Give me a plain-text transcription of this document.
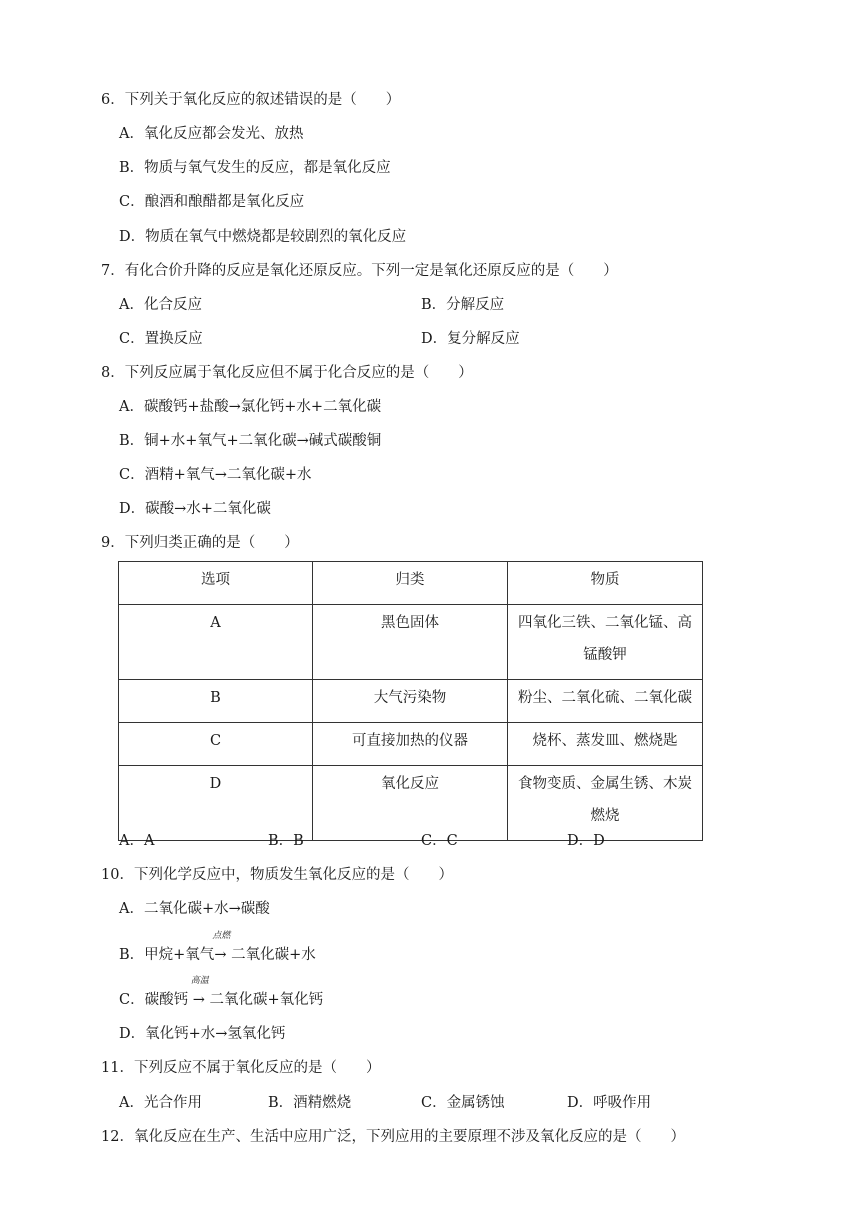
6．下列关于氧化反应的叙述错误的是（　　）
A．氧化反应都会发光、放热
B．物质与氧气发生的反应，都是氧化反应
C．酿酒和酿醋都是氧化反应
D．物质在氧气中燃烧都是较剧烈的氧化反应
7．有化合价升降的反应是氧化还原反应。下列一定是氧化还原反应的是（　　）
A．化合反应	B．分解反应
C．置换反应	D．复分解反应
8．下列反应属于氧化反应但不属于化合反应的是（　　）
A．碳酸钙+盐酸→氯化钙+水+二氧化碳
B．铜+水+氧气+二氧化碳→碱式碳酸铜
C．酒精+氧气→二氧化碳+水
D．碳酸→水+二氧化碳
9．下列归类正确的是（　　）
选项	归类	物质
A	黑色固体	四氧化三铁、二氧化锰、高锰酸钾
B	大气污染物	粉尘、二氧化硫、二氧化碳
C	可直接加热的仪器	烧杯、蒸发皿、燃烧匙
D	氧化反应	食物变质、金属生锈、木炭燃烧
A．A	B．B	C．C	D．D
10．下列化学反应中，物质发生氧化反应的是（　　）
A．二氧化碳+水→碳酸
B．甲烷+氧气
点燃
→ 二氧化碳+水
C．碳酸钙
高温
→ 二氧化碳+氧化钙
D．氧化钙+水→氢氧化钙
11．下列反应不属于氧化反应的是（　　）
A．光合作用	B．酒精燃烧	C．金属锈蚀	D．呼吸作用
12．氧化反应在生产、生活中应用广泛，下列应用的主要原理不涉及氧化反应的是（　　）
